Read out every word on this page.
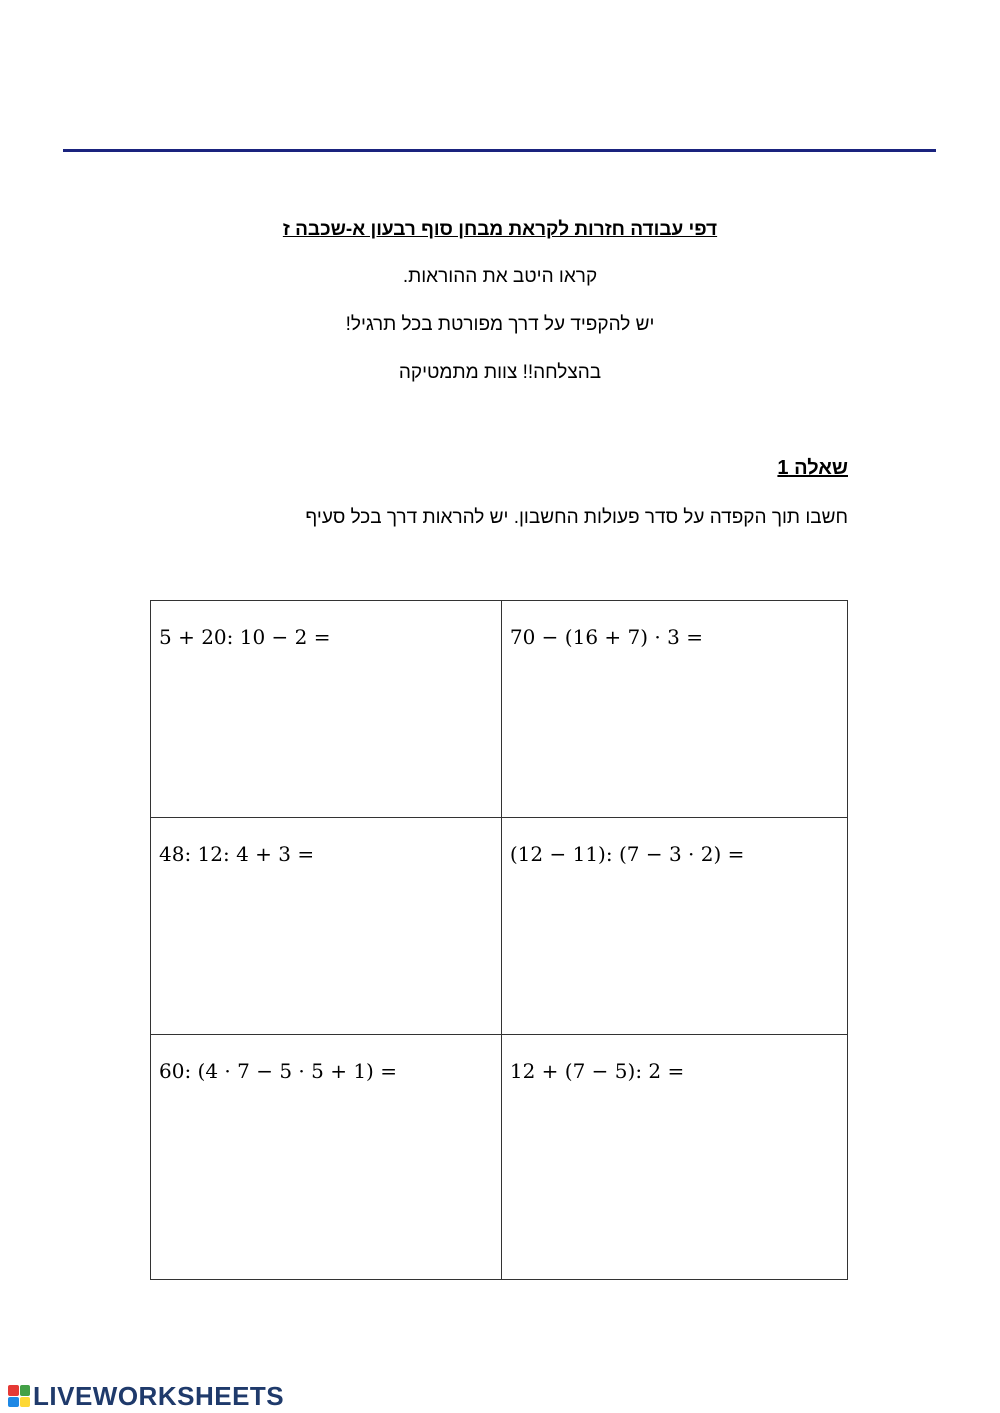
דפי עבודה חזרות לקראת מבחן סוף רבעון א-שכבה ז
קראו היטב את ההוראות.
יש להקפיד על דרך מפורטת בכל תרגיל!
בהצלחה!! צוות מתמטיקה
שאלה 1
חשבו תוך הקפדה על סדר פעולות החשבון. יש להראות דרך בכל סעיף
5 + 20: 10 − 2 =	70 − (16 + 7) · 3 =
48: 12: 4 + 3 =	(12 − 11): (7 − 3 · 2) =
60: (4 · 7 − 5 · 5 + 1) =	12 + (7 − 5): 2 =
LIVEWORKSHEETS
